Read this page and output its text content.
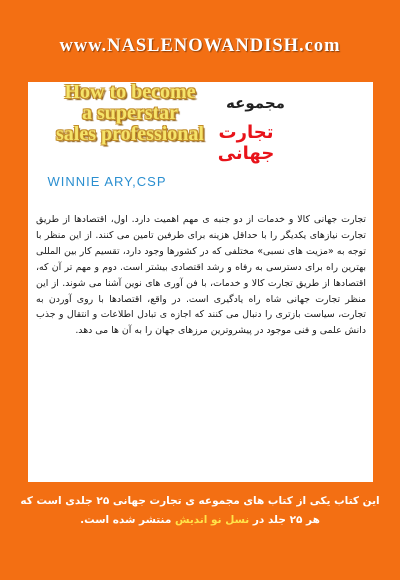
www.NASLENOWANDISH.com
How to become
a superstar
sales professional
مجموعه
تجارت جهانی
WINNIE ARY,CSP
تجارت جهانی کالا و خدمات از دو جنبه ی مهم اهمیت دارد. اول، اقتصادها از طریق تجارت نیازهای یکدیگر را با حداقل هزینه برای طرفین تامین می کنند. از این منظر با توجه به «مزیت های نسبی» مختلفی که در کشورها وجود دارد، تقسیم کار بین المللی بهترین راه برای دسترسی به رفاه و رشد اقتصادی بیشتر است. دوم و مهم تر آن که، اقتصادها از طریق تجارت کالا و خدمات، با فن آوری های نوین آشنا می شوند. از این منظر تجارت جهانی شاه راه یادگیری است. در واقع، اقتصادها با روی آوردن به تجارت، سیاست بازتری را دنبال می کنند که اجازه ی تبادل اطلاعات و انتقال و جذب دانش علمی و فنی موجود در پیشروترین مرزهای جهان را به آن ها می دهد.
این کتاب یکی از کتاب های مجموعه ی تجارت جهانی ۲۵ جلدی است که هر ۲۵ جلد در نسل نو اندیش منتشر شده است.
